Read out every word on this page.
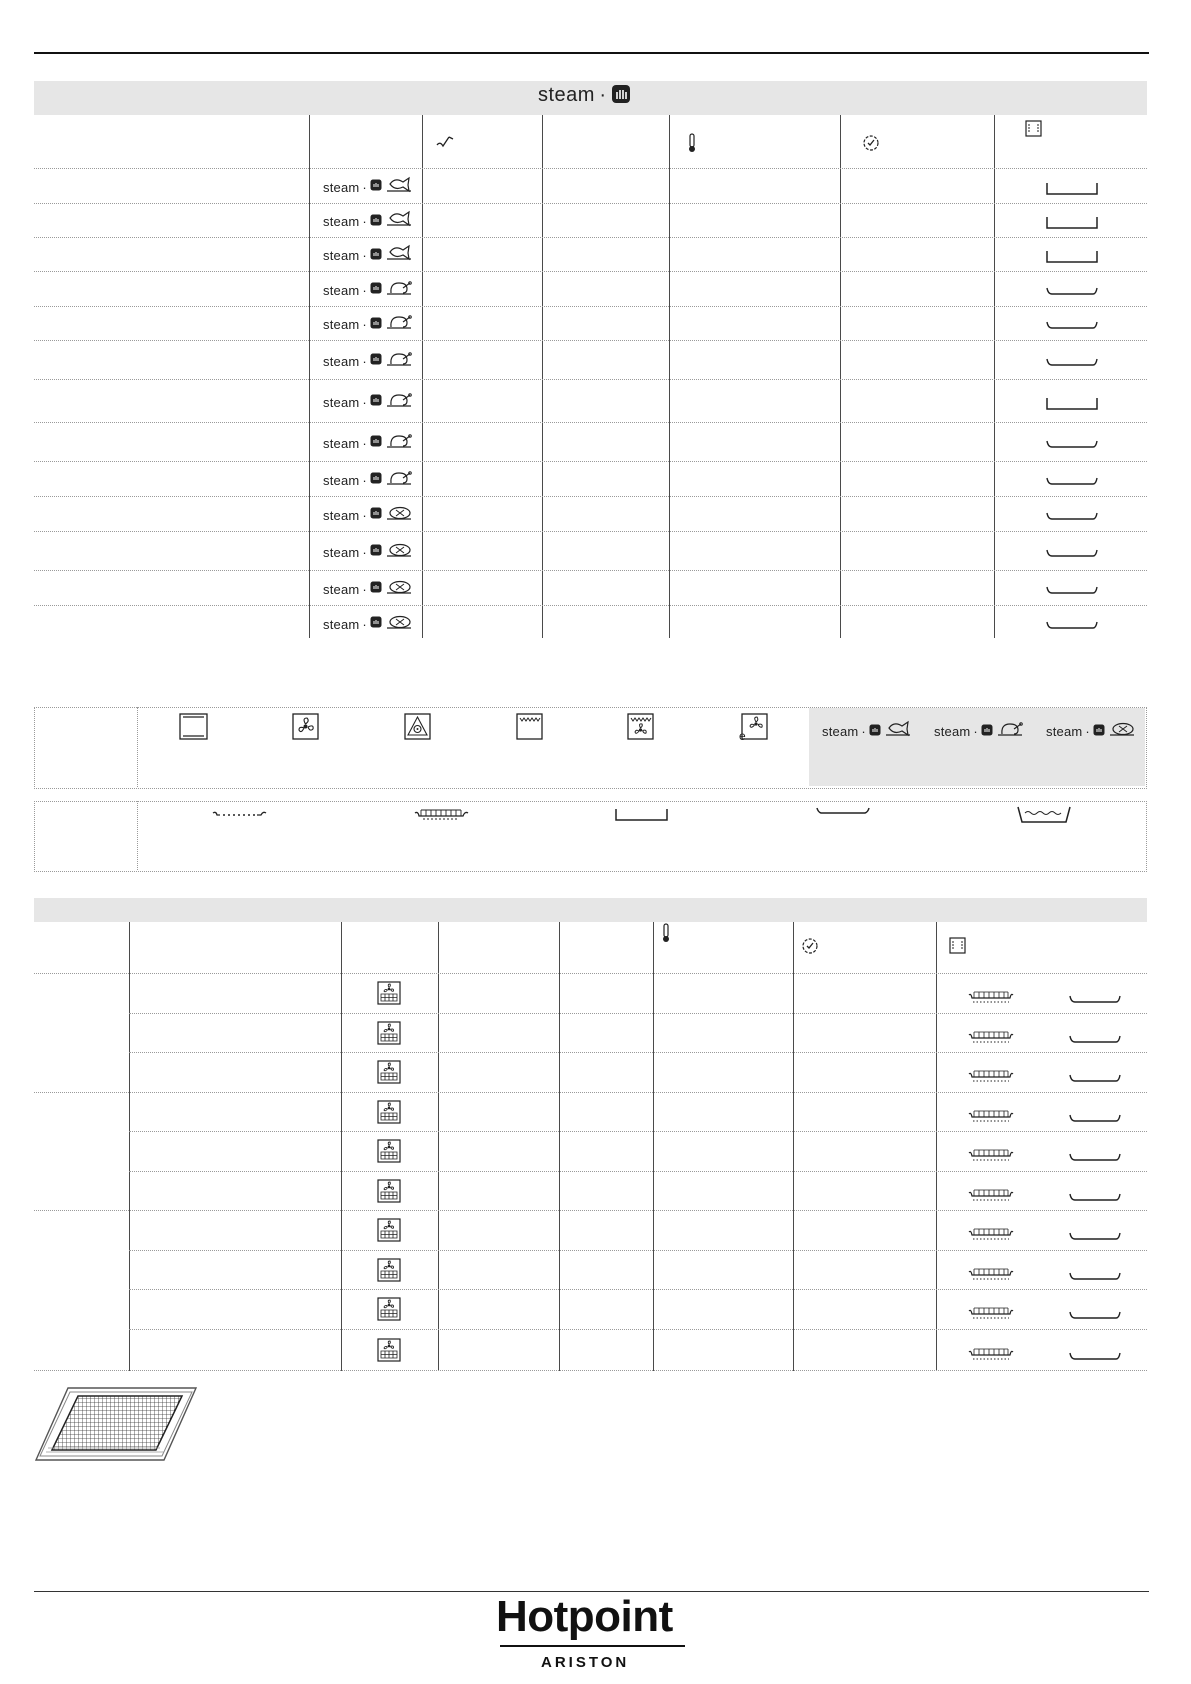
steam ·
steam ·
steam ·
steam ·
steam ·
steam ·
steam ·
steam ·
steam ·
steam ·
steam ·
steam ·
steam ·
steam ·
e	steam ·	steam ·	steam ·
Hotpoint
ARISTON
